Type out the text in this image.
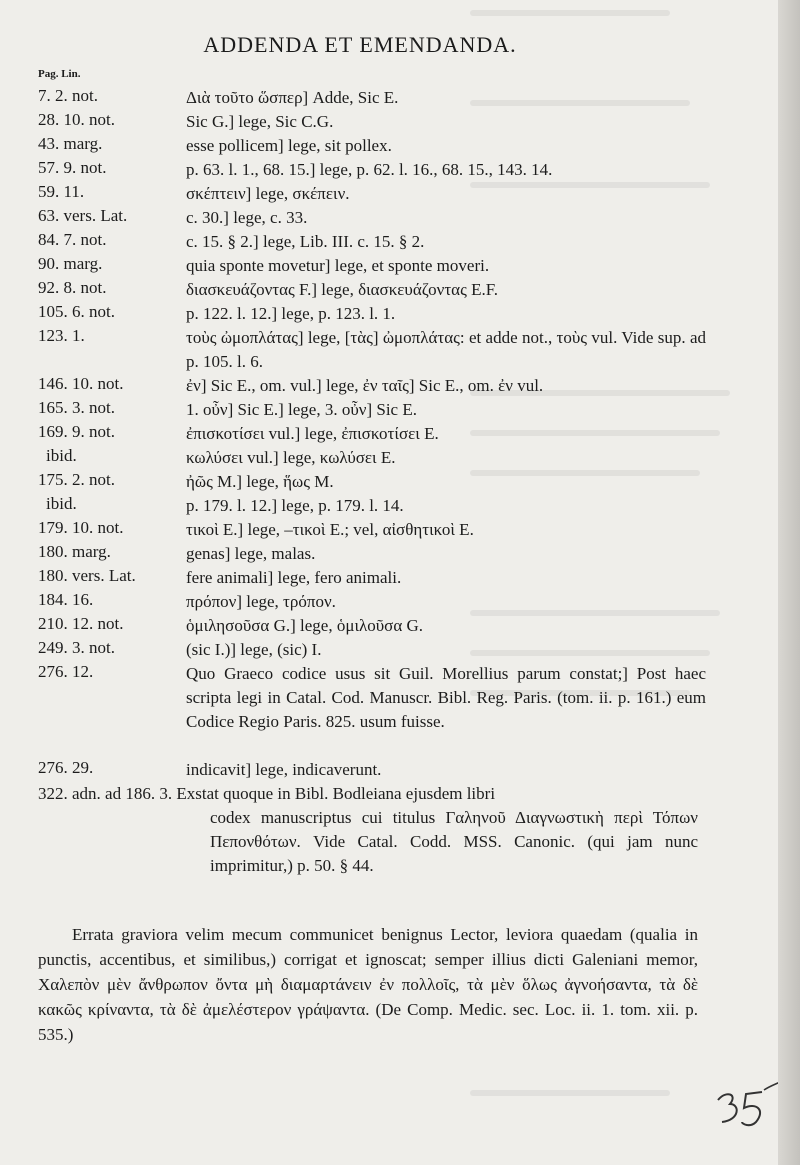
ADDENDA ET EMENDANDA.
Pag. Lin.
7. 2. not.	Διὰ τοῦτο ὥσπερ] Adde, Sic E.
28. 10. not.	Sic G.] lege, Sic C.G.
43. marg.	esse pollicem] lege, sit pollex.
57. 9. not.	p. 63. l. 1., 68. 15.] lege, p. 62. l. 16., 68. 15., 143. 14.
59. 11.	σκέπτειν] lege, σκέπειν.
63. vers. Lat.	c. 30.] lege, c. 33.
84. 7. not.	c. 15. § 2.] lege, Lib. III. c. 15. § 2.
90. marg.	quia sponte movetur] lege, et sponte moveri.
92. 8. not.	διασκευάζοντας F.] lege, διασκευάζοντας E.F.
105. 6. not.	p. 122. l. 12.] lege, p. 123. l. 1.
123. 1.	τοὺς ὠμοπλάτας] lege, [τὰς] ὠμοπλάτας: et adde not., τοὺς vul. Vide sup. ad p. 105. l. 6.
146. 10. not.	ἐν] Sic E., om. vul.] lege, ἐν ταῖς] Sic E., om. ἐν vul.
165. 3. not.	1. οὖν] Sic E.] lege, 3. οὖν] Sic E.
169. 9. not.	ἐπισκοτίσει vul.] lege, ἐπισκοτίσει E.
ibid.	κωλύσει vul.] lege, κωλύσει E.
175. 2. not.	ἠῶς M.] lege, ἥως M.
ibid.	p. 179. l. 12.] lege, p. 179. l. 14.
179. 10. not.	τικοὶ E.] lege, –τικοὶ E.; vel, αἰσθητικοὶ E.
180. marg.	genas] lege, malas.
180. vers. Lat.	fere animali] lege, fero animali.
184. 16.	πρόπον] lege, τρόπον.
210. 12. not.	ὁμιλησοῦσα G.] lege, ὁμιλοῦσα G.
249. 3. not.	(sic I.)] lege, (sic) I.
276. 12.	Quo Graeco codice usus sit Guil. Morellius parum constat;] Post haec scripta legi in Catal. Cod. Manuscr. Bibl. Reg. Paris. (tom. ii. p. 161.) eum Codice Regio Paris. 825. usum fuisse.
276. 29.	indicavit] lege, indicaverunt.
322. adn. ad 186. 3. Exstat quoque in Bibl. Bodleiana ejusdem libri
codex manuscriptus cui titulus Γαληνοῦ Διαγνωστικὴ περὶ Τόπων Πεπονθότων. Vide Catal. Codd. MSS. Canonic. (qui jam nunc imprimitur,) p. 50. § 44.
Errata graviora velim mecum communicet benignus Lector, leviora quaedam (qualia in punctis, accentibus, et similibus,) corrigat et ignoscat; semper illius dicti Galeniani memor, Χαλεπὸν μὲν ἄνθρωπον ὄντα μὴ διαμαρτάνειν ἐν πολλοῖς, τὰ μὲν ὅλως ἀγνοήσαντα, τὰ δὲ κακῶς κρίναντα, τὰ δὲ ἀμελέστερον γράψαντα. (De Comp. Medic. sec. Loc. ii. 1. tom. xii. p. 535.)
